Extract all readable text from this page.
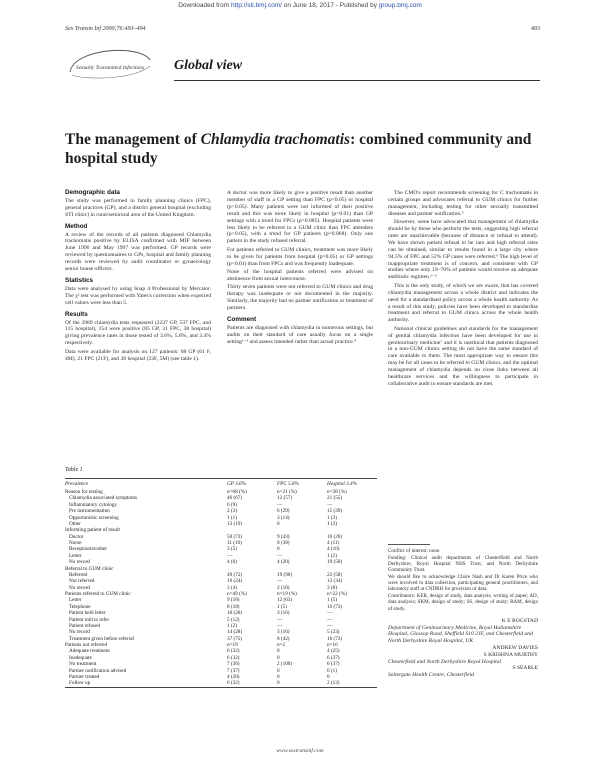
Downloaded from http://sti.bmj.com/ on June 18, 2017 - Published by group.bmj.com
Sex Transm Inf 2000;76:493–494	493
Sexually Transmitted Infections Global view
The management of Chlamydia trachomatis: combined community and hospital study
Demographic data

The study was performed in family planning clinics (FPC), general practices (GP), and a district general hospital (excluding STI clinic) in rural/semirural area of the United Kingdom.

Method

A review of the records of all patients diagnosed Chlamydia trachomatis positive by ELISA confirmed with MIF between June 1996 and May 1997 was performed. GP records were reviewed by questionnaires to GPs, hospital and family planning records were reviewed by audit coordinator or gynaecology senior house officers.

Statistics

Data were analysed by using Snap 4 Professional by Mercator. The χ² test was performed with Yates's correction when expected cell values were less than 5.

Results

Of the 3989 chlamydia tests requested (2237 GP, 537 FPC, and 115 hospital), 154 were positive (85 GP, 31 FPC, 38 hospital) giving prevalence rates in those tested of 3.6%, 5.8%, and 3.4% respectively.

Data were available for analysis on 127 patients: 68 GP (61 F, 4M), 21 FPC (21F), and 38 hospital (33F, 5M) (see table 1).

A doctor was more likely to give a positive result than another member of staff in a GP setting than FPC (p<0.05) or hospital (p<0.05). Many patients were not informed of their positive result and this was more likely in hospital (p<0.01) than GP settings with a trend for FPCs (p=0.085). Hospital patients were less likely to be referred to a GUM clinic than FPC attenders (p<0.05), with a trend for GP patients (p=0.068). Only one patient in the study refused referral.

For patients referred to GUM clinics, treatment was more likely to be given for patients from hospital (p=0.05) or GP settings (p<0.01) than from FPCs and was frequently inadequate.

None of the hospital patients referred were advised on abstinence from sexual intercourse.

Thirty seven patients were not referred to GUM clinics and drug therapy was inadequate or not documented in the majority. Similarly, the majority had no partner notification or treatment of partners.

Comment

Patients are diagnosed with chlamydia in numerous settings, but audits on their standard of care usually focus on a single setting¹⁻³ and assess intended rather than actual practice.⁴

The CMO's report recommends screening for C trachomatis in certain groups and advocates referral to GUM clinics for further management, including testing for other sexually transmitted diseases and partner notification.⁵

However, some have advocated that management of chlamydia should be by those who perform the tests, suggesting high referral rates are unachievable (because of distance or refusal to attend). We have shown patient refusal to be rare and high referral rates can be obtained, similar to results found in a large city where 94.5% of FPC and 52% GP cases were referred.⁶ The high level of inappropriate treatment is of concern, and consistent with GP studies where only 19–70% of patients would receive an adequate antibiotic regimen.¹⁻³

This is the only study, of which we are aware, that has covered chlamydia management across a whole district and indicates the need for a standardised policy across a whole health authority. As a result of this study, policies have been developed to standardise treatment and referral to GUM clinics across the whole health authority.

National clinical guidelines and standards for the management of genital chlamydia infection have been developed for use in genitourinary medicine⁷ and it is unethical that patients diagnosed in a non-GUM clinics setting do not have the same standard of care available to them. The most appropriate way to ensure this may be for all cases to be referred to GUM clinics, and the optimal management of chlamydia depends on close links between all healthcare services and the willingness to participate in collaborative audit to ensure standards are met.

Table 1
Prevalence	GP 3.6%	FPC 5.8%	Hospital 3.4%
Reason for testing	n=68 (%)	n=21 (%)	n=38 (%)
Chlamydia associated symptoms	46 (67)	12 (57)	21 (55)
Inflammatory cytology	6 (9)	—	—
Pre instrumentation	2 (3)	6 (29)	15 (39)
Opportunistic screening	1 (1)	3 (14)	1 (3)
Other	13 (19)	0	1 (3)
Informing patient of result			
Doctor	50 (73)	9 (43)	10 (26)
Nurse	11 (16)	8 (38)	4 (11)
Receptionist/other	3 (5)	0	4 (10)
Letter	—	—	1 (2)
No record	4 (6)	4 (20)	19 (50)
Referral to GUM clinic			
Referred	49 (72)	19 (90)	22 (58)
Not referred	16 (24)	—	13 (34)
No record	3 (4)	2 (10)	3 (8)
Patients referred to GUM clinic	n=49 (%)	n=19 (%)	n=22 (%)
Letter	9 (18)	12 (63)	1 (5)
Telephone	8 (18)	1 (5)	16 (73)
Patient held letter	10 (20)	3 (16)	—
Patient told to refer	5 (12)	—	—
Patient refused	1 (2)	—	—
No record	14 (28)	3 (16)	5 (23)
Treatment given before referral	37 (75)	8 (42)	16 (73)
Patients not referred	n=19	n=2	n=16
Adequate treatment	6 (32)	0	4 (25)
Inadequate	6 (32)	0	6 (37)
No treatment	7 (36)	2 (100)	6 (37)
Partner notification advised	7 (37)	0	6 (1)
Partner treated	4 (20)	0	0
Follow up	6 (32)	0	2 (12)

Conflict of interest: none.

Funding: Clinical audit departments of Chesterfield and North Derbyshire, Royal Hospital NHS Trust, and North Derbyshire Community Trust.

We should like to acknowledge Claire Nash and Dr Karen Price who were involved in data collection, participating general practitioners, and laboratory staff at CNDRH for provision of data.

Contributors: KER, design of study, data analysis, writing of paper; AD, data analysis; SKM, design of study; SS, design of study; RAM, design of study.

K E ROGSTAD
Department of Genitourinary Medicine, Royal Hallamshire Hospital, Glossop Road, Sheffield S10 2JF, and Chesterfield and North Derbyshire Royal Hospital, UK
ANDREW DAVIES
S KRISHNA MURTHY
Chesterfield and North Derbyshire Royal Hospital
S SEARLE
Saltergate Health Centre, Chesterfield
www.sextransinf.com
